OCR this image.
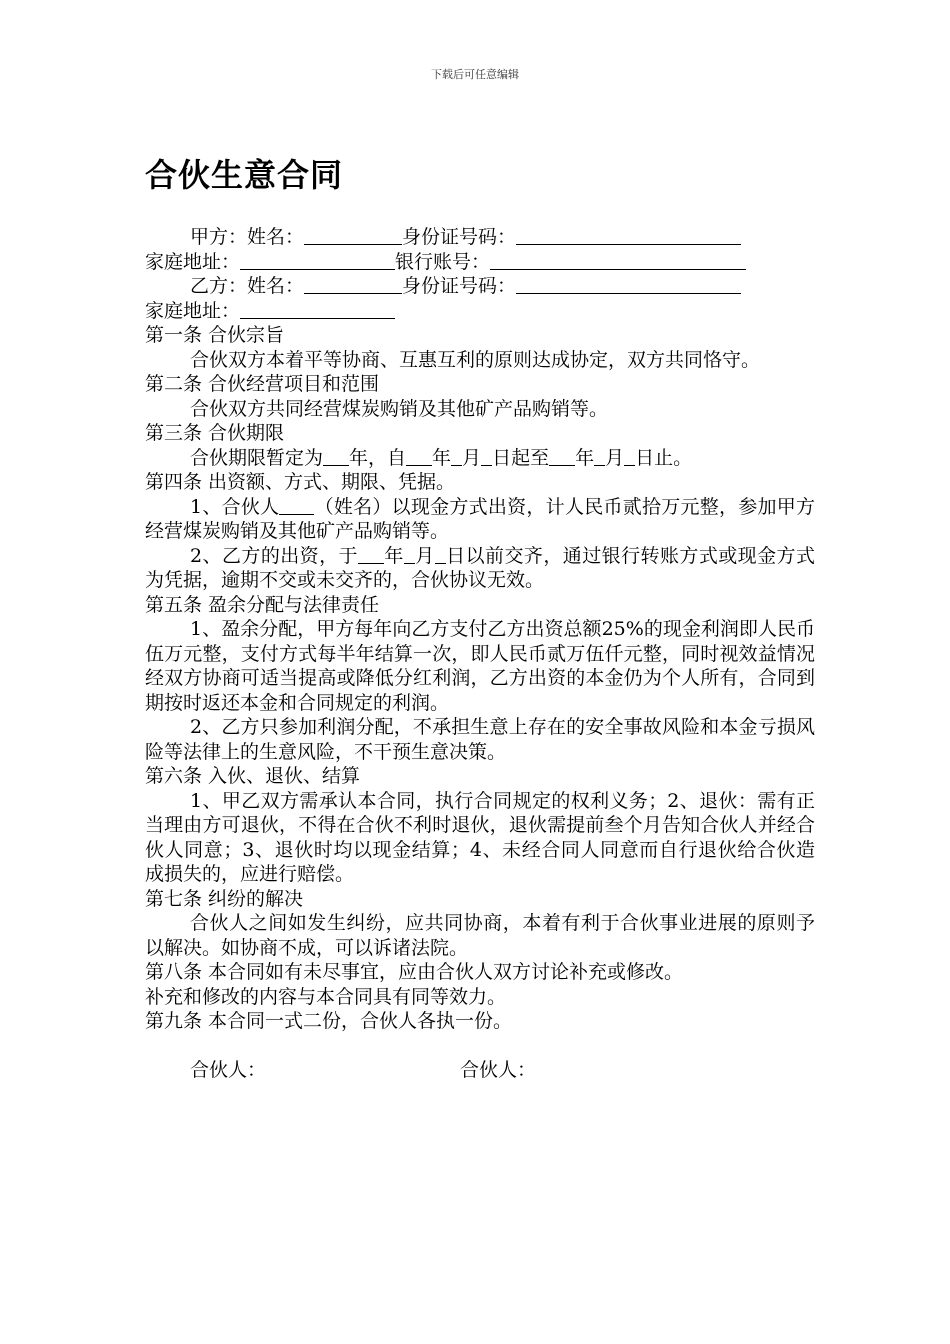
下载后可任意编辑
合伙生意合同
甲方：姓名：	身份证号码：
家庭地址：	银行账号：
乙方：姓名：	身份证号码：
家庭地址：
第一条 合伙宗旨
合伙双方本着平等协商、互惠互利的原则达成协定，双方共同恪守。
第二条 合伙经营项目和范围
合伙双方共同经营煤炭购销及其他矿产品购销等。
第三条 合伙期限
合伙期限暂定为 年，自 年 月 日起至 年 月 日止。
第四条 出资额、方式、期限、凭据。
1、合伙人 （姓名）以现金方式出资，计人民币贰拾万元整，参加甲方经营煤炭购销及其他矿产品购销等。
2、乙方的出资，于 年 月 日以前交齐，通过银行转账方式或现金方式为凭据，逾期不交或未交齐的，合伙协议无效。
第五条 盈余分配与法律责任
1、盈余分配，甲方每年向乙方支付乙方出资总额25%的现金利润即人民币伍万元整，支付方式每半年结算一次，即人民币贰万伍仟元整，同时视效益情况经双方协商可适当提高或降低分红利润，乙方出资的本金仍为个人所有，合同到期按时返还本金和合同规定的利润。
2、乙方只参加利润分配，不承担生意上存在的安全事故风险和本金亏损风险等法律上的生意风险，不干预生意决策。
第六条 入伙、退伙、结算
1、甲乙双方需承认本合同，执行合同规定的权利义务；2、退伙：需有正当理由方可退伙，不得在合伙不利时退伙，退伙需提前叁个月告知合伙人并经合伙人同意；3、退伙时均以现金结算；4、未经合同人同意而自行退伙给合伙造成损失的，应进行赔偿。
第七条 纠纷的解决
合伙人之间如发生纠纷，应共同协商，本着有利于合伙事业进展的原则予以解决。如协商不成，可以诉诸法院。
第八条 本合同如有未尽事宜，应由合伙人双方讨论补充或修改。
补充和修改的内容与本合同具有同等效力。
第九条 本合同一式二份，合伙人各执一份。
合伙人：	合伙人：
